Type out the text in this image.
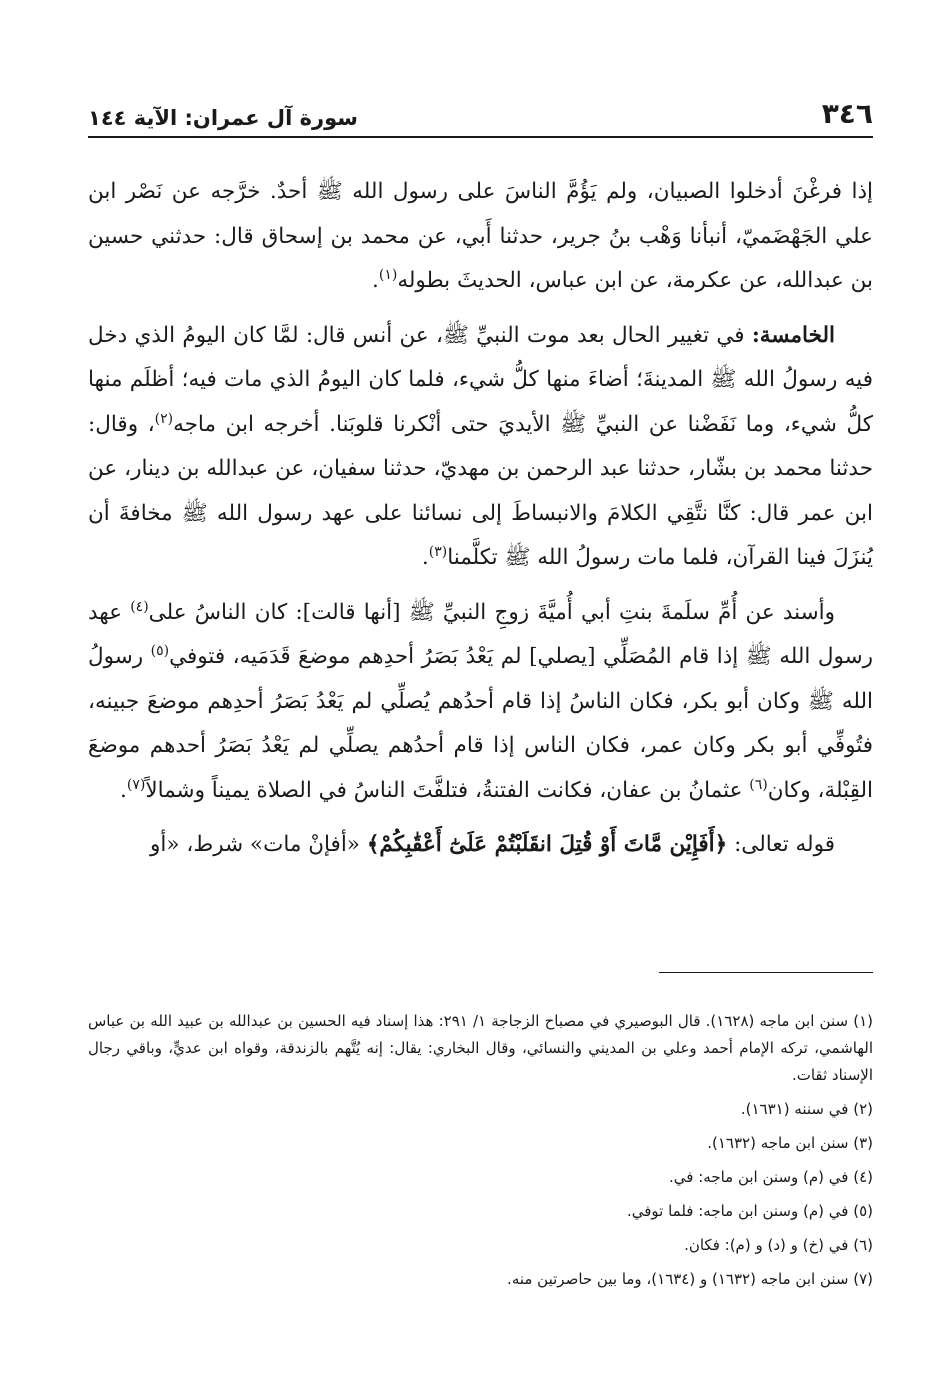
٣٤٦
سورة آل عمران: الآية ١٤٤

إذا فرغْنَ أدخلوا الصبيان، ولم يَؤُمَّ الناسَ على رسول الله ﷺ أحدٌ. خرَّجه عن نَصْر ابن علي الجَهْضَميّ، أنبأنا وَهْب بنُ جرير، حدثنا أَبي، عن محمد بن إسحاق قال: حدثني حسين بن عبدالله، عن عكرمة، عن ابن عباس، الحديثَ بطوله$^{(١)}$.

الخامسة: في تغيير الحال بعد موت النبيِّ ﷺ، عن أنس قال: لمَّا كان اليومُ الذي دخل فيه رسولُ الله ﷺ المدينةَ؛ أضاءَ منها كلُّ شيء، فلما كان اليومُ الذي مات فيه؛ أظلَم منها كلُّ شيء، وما نَفَضْنا عن النبيِّ ﷺ الأيديَ حتى أنْكرنا قلوبَنا. أخرجه ابن ماجه$^{(٢)}$، وقال: حدثنا محمد بن بشّار، حدثنا عبد الرحمن بن مهديّ، حدثنا سفيان، عن عبدالله بن دينار، عن ابن عمر قال: كنَّا نتَّقِي الكلامَ والانبساطَ إلى نسائنا على عهد رسول الله ﷺ مخافةَ أن يُنزَلَ فينا القرآن، فلما مات رسولُ الله ﷺ تكلَّمنا$^{(٣)}$.

وأسند عن أُمِّ سلَمةَ بنتِ أبي أُميَّةَ زوجِ النبيِّ ﷺ [أنها قالت]: كان الناسُ على$^{(٤)}$ عهد رسول الله ﷺ إذا قام المُصَلِّي [يصلي] لم يَعْدُ بَصَرُ أحدِهم موضعَ قَدَمَيه، فتوفي$^{(٥)}$ رسولُ الله ﷺ وكان أبو بكر، فكان الناسُ إذا قام أحدُهم يُصلِّي لم يَعْدُ بَصَرُ أحدِهم موضعَ جبينه، فتُوفِّي أبو بكر وكان عمر، فكان الناس إذا قام أحدُهم يصلِّي لم يَعْدُ بَصَرُ أحدهم موضعَ القِبْلة، وكان$^{(٦)}$ عثمانُ بن عفان، فكانت الفتنةُ، فتلفَّتَ الناسُ في الصلاة يميناً وشمالاً$^{(٧)}$.

قوله تعالى: ﴿أَفَإِيْن مَّاتَ أَوْ قُتِلَ انقَلَبْتُمْ عَلَىٰٓ أَعْقَٰبِكُمْ﴾ «أفإنْ مات» شرط، «أو

(١) سنن ابن ماجه (١٦٢٨). قال البوصيري في مصباح الزجاجة ١/ ٢٩١: هذا إسناد فيه الحسين بن عبدالله بن عبيد الله بن عباس الهاشمي، تركه الإمام أحمد وعلي بن المديني والنسائي، وقال البخاري: يقال: إنه يُتَّهم بالزندقة، وقواه ابن عديٍّ، وباقي رجال الإسناد ثقات.

(٢) في سننه (١٦٣١).

(٣) سنن ابن ماجه (١٦٣٢).

(٤) في (م) وسنن ابن ماجه: في.

(٥) في (م) وسنن ابن ماجه: فلما توفي.

(٦) في (خ) و (د) و (م): فكان.

(٧) سنن ابن ماجه (١٦٣٢) و (١٦٣٤)، وما بين حاصرتين منه.
